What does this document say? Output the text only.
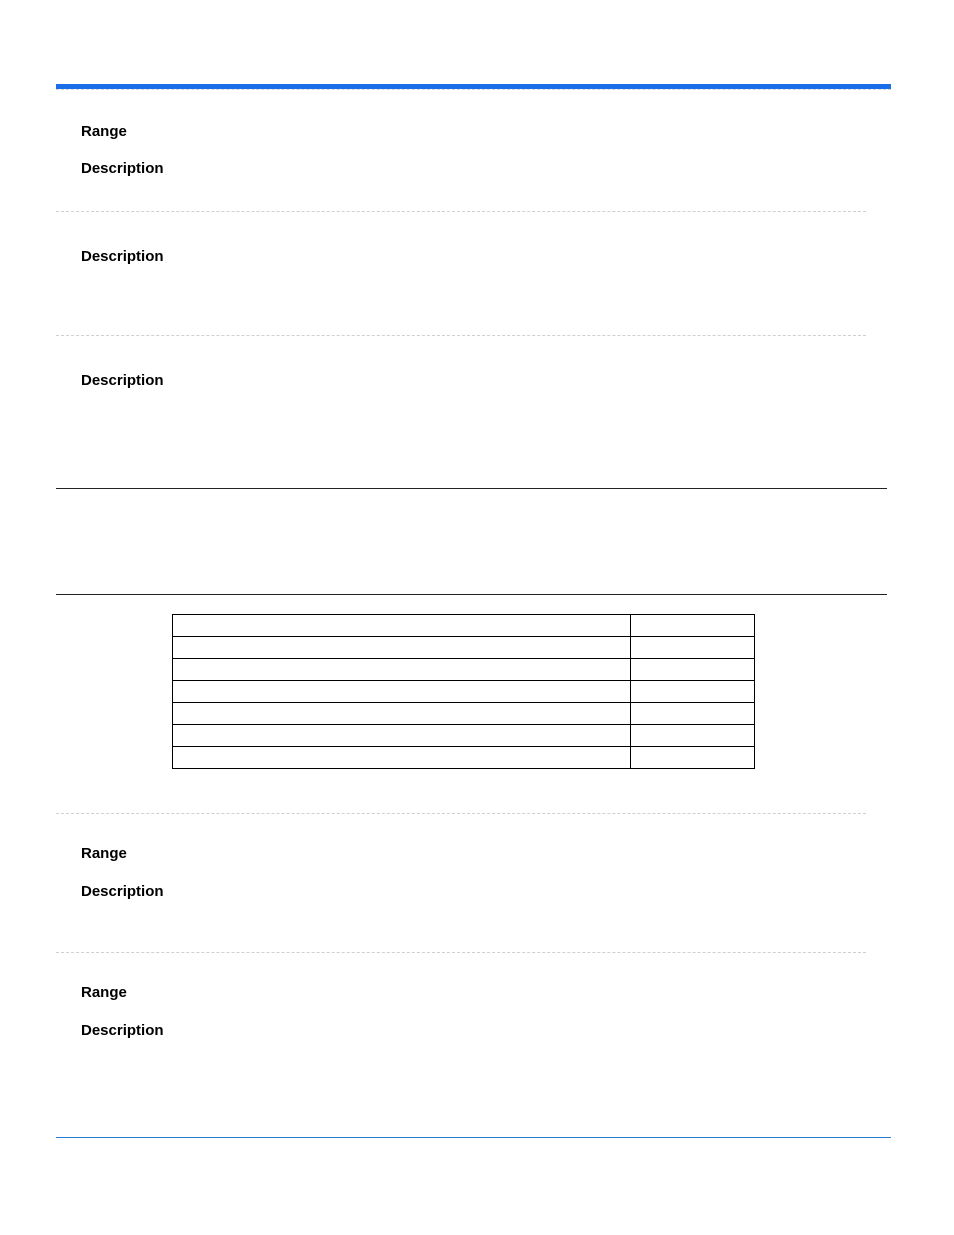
Range
Description
Description
Description

Range
Description
Range
Description
